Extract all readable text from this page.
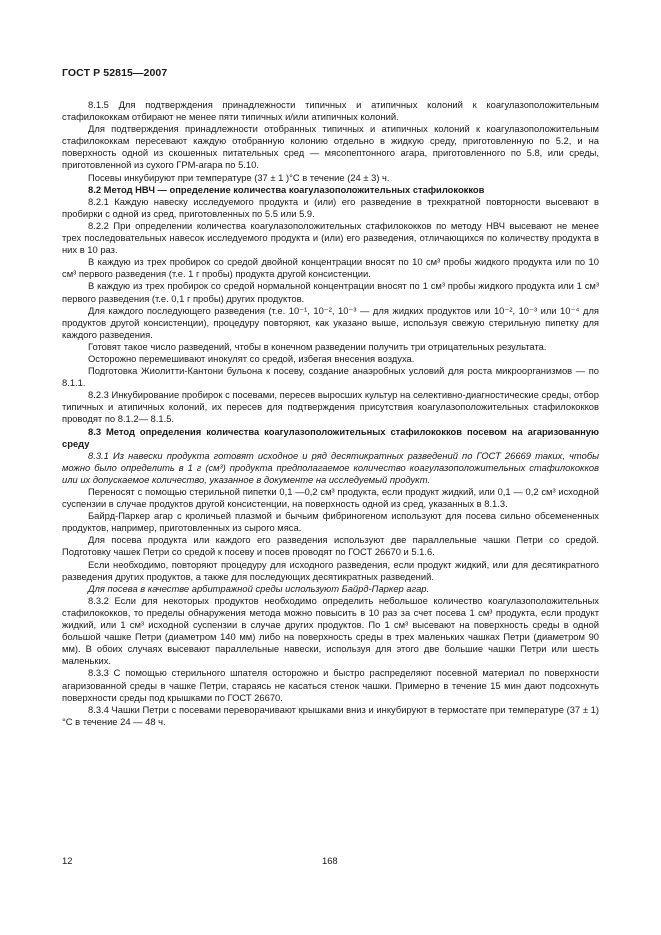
ГОСТ Р 52815—2007

8.1.5 Для подтверждения принадлежности типичных и атипичных колоний к коагулазоположительным стафилококкам отбирают не менее пяти типичных и/или атипичных колоний.

Для подтверждения принадлежности отобранных типичных и атипичных колоний к коагулазоположительным стафилококкам пересевают каждую отобранную колонию отдельно в жидкую среду, приготовленную по 5.2, и на поверхность одной из скошенных питательных сред — мясопептонного агара, приготовленного по 5.8, или среды, приготовленной из сухого ГРМ-агара по 5.10.

Посевы инкубируют при температуре (37 ± 1 )°С в течение (24 ± 3) ч.

8.2 Метод НВЧ — определение количества коагулазоположительных стафилококков

8.2.1 Каждую навеску исследуемого продукта и (или) его разведение в трехкратной повторности высевают в пробирки с одной из сред, приготовленных по 5.5 или 5.9.

8.2.2 При определении количества коагулазоположительных стафилококков по методу НВЧ высевают не менее трех последовательных навесок исследуемого продукта и (или) его разведения, отличающихся по количеству продукта в них в 10 раз.

В каждую из трех пробирок со средой двойной концентрации вносят по 10 см³ пробы жидкого продукта или по 10 см³ первого разведения (т.е. 1 г пробы) продукта другой консистенции.

В каждую из трех пробирок со средой нормальной концентрации вносят по 1 см³ пробы жидкого продукта или 1 см³ первого разведения (т.е. 0,1 г пробы) других продуктов.

Для каждого последующего разведения (т.е. 10⁻¹, 10⁻², 10⁻³ — для жидких продуктов или 10⁻², 10⁻³ или 10⁻⁴ для продуктов другой консистенции), процедуру повторяют, как указано выше, используя свежую стерильную пипетку для каждого разведения.

Готовят такое число разведений, чтобы в конечном разведении получить три отрицательных результата.

Осторожно перемешивают инокулят со средой, избегая внесения воздуха.

Подготовка Жиолитти-Кантони бульона к посеву, создание анаэробных условий для роста микроорганизмов — по 8.1.1.

8.2.3 Инкубирование пробирок с посевами, пересев выросших культур на селективно-диагностические среды, отбор типичных и атипичных колоний, их пересев для подтверждения присутствия коагулазоположительных стафилококков проводят по 8.1.2— 8.1.5.

8.3 Метод определения количества коагулазоположительных стафилококков посевом на агаризованную среду

8.3.1 Из навески продукта готовят исходное и ряд десятикратных разведений по ГОСТ 26669 таких, чтобы можно было определить в 1 г (см³) продукта предполагаемое количество коагулазоположительных стафилококков или их допускаемое количество, указанное в документе на исследуемый продукт.

Переносят с помощью стерильной пипетки 0,1 —0,2 см³ продукта, если продукт жидкий, или 0,1 — 0,2 см³ исходной суспензии в случае продуктов другой консистенции, на поверхность одной из сред, указанных в 8.1.3.

Байрд-Паркер агар с кроличьей плазмой и бычьим фибриногеном используют для посева сильно обсемененных продуктов, например, приготовленных из сырого мяса.

Для посева продукта или каждого его разведения используют две параллельные чашки Петри со средой. Подготовку чашек Петри со средой к посеву и посев проводят по ГОСТ 26670 и 5.1.6.

Если необходимо, повторяют процедуру для исходного разведения, если продукт жидкий, или для десятикратного разведения других продуктов, а также для последующих десятикратных разведений.

Для посева в качестве арбитражной среды используют Байрд-Паркер агар.

8.3.2 Если для некоторых продуктов необходимо определить небольшое количество коагулазоположительных стафилококков, то пределы обнаружения метода можно повысить в 10 раз за счет посева 1 см³ продукта, если продукт жидкий, или 1 см³ исходной суспензии в случае других продуктов. По 1 см³ высевают на поверхность среды в одной большой чашке Петри (диаметром 140 мм) либо на поверхность среды в трех маленьких чашках Петри (диаметром 90 мм). В обоих случаях высевают параллельные навески, используя для этого две большие чашки Петри или шесть маленьких.

8.3.3 С помощью стерильного шпателя осторожно и быстро распределяют посевной материал по поверхности агаризованной среды в чашке Петри, стараясь не касаться стенок чашки. Примерно в течение 15 мин дают подсохнуть поверхности среды под крышками по ГОСТ 26670.

8.3.4 Чашки Петри с посевами переворачивают крышками вниз и инкубируют в термостате при температуре (37 ± 1) °С в течение 24 — 48 ч.

12	168
